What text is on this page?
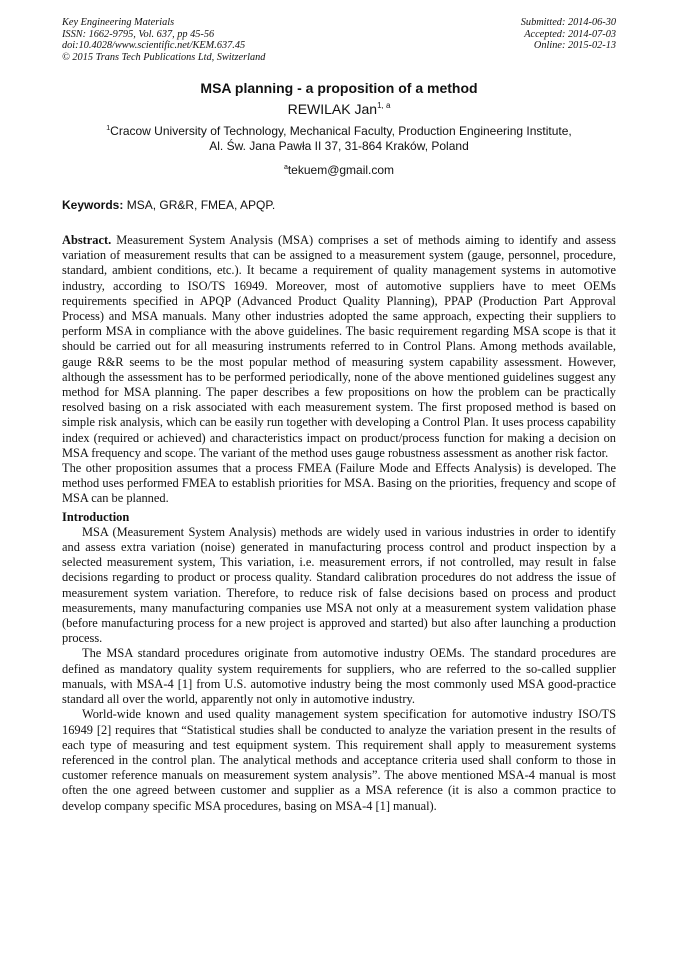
Key Engineering Materials
ISSN: 1662-9795, Vol. 637, pp 45-56
doi:10.4028/www.scientific.net/KEM.637.45
© 2015 Trans Tech Publications Ltd, Switzerland
Submitted: 2014-06-30
Accepted: 2014-07-03
Online: 2015-02-13
MSA planning - a proposition of a method
REWILAK Jan$^{1, a}$
$^1$Cracow University of Technology, Mechanical Faculty, Production Engineering Institute,
Al. Św. Jana Pawła II 37, 31-864 Kraków, Poland
$^a$tekuem@gmail.com
Keywords: MSA, GR&R, FMEA, APQP.

Abstract. Measurement System Analysis (MSA) comprises a set of methods aiming to identify and assess variation of measurement results that can be assigned to a measurement system (gauge, personnel, procedure, standard, ambient conditions, etc.). It became a requirement of quality management systems in automotive industry, according to ISO/TS 16949. Moreover, most of automotive suppliers have to meet OEMs requirements specified in APQP (Advanced Product Quality Planning), PPAP (Production Part Approval Process) and MSA manuals. Many other industries adopted the same approach, expecting their suppliers to perform MSA in compliance with the above guidelines. The basic requirement regarding MSA scope is that it should be carried out for all measuring instruments referred to in Control Plans. Among methods available, gauge R&R seems to be the most popular method of measuring system capability assessment. However, although the assessment has to be performed periodically, none of the above mentioned guidelines suggest any method for MSA planning. The paper describes a few propositions on how the problem can be practically resolved basing on a risk associated with each measurement system. The first proposed method is based on simple risk analysis, which can be easily run together with developing a Control Plan. It uses process capability index (required or achieved) and characteristics impact on product/process function for making a decision on MSA frequency and scope. The variant of the method uses gauge robustness assessment as another risk factor.

The other proposition assumes that a process FMEA (Failure Mode and Effects Analysis) is developed. The method uses performed FMEA to establish priorities for MSA. Basing on the priorities, frequency and scope of MSA can be planned.

Introduction

MSA (Measurement System Analysis) methods are widely used in various industries in order to identify and assess extra variation (noise) generated in manufacturing process control and product inspection by a selected measurement system, This variation, i.e. measurement errors, if not controlled, may result in false decisions regarding to product or process quality. Standard calibration procedures do not address the issue of measurement system variation. Therefore, to reduce risk of false decisions based on process and product measurements, many manufacturing companies use MSA not only at a measurement system validation phase (before manufacturing process for a new project is approved and started) but also after launching a production process.

The MSA standard procedures originate from automotive industry OEMs. The standard procedures are defined as mandatory quality system requirements for suppliers, who are referred to the so-called supplier manuals, with MSA-4 [1] from U.S. automotive industry being the most commonly used MSA good-practice standard all over the world, apparently not only in automotive industry.

World-wide known and used quality management system specification for automotive industry ISO/TS 16949 [2] requires that “Statistical studies shall be conducted to analyze the variation present in the results of each type of measuring and test equipment system. This requirement shall apply to measurement systems referenced in the control plan. The analytical methods and acceptance criteria used shall conform to those in customer reference manuals on measurement system analysis”. The above mentioned MSA-4 manual is most often the one agreed between customer and supplier as a MSA reference (it is also a common practice to develop company specific MSA procedures, basing on MSA-4 [1] manual).
